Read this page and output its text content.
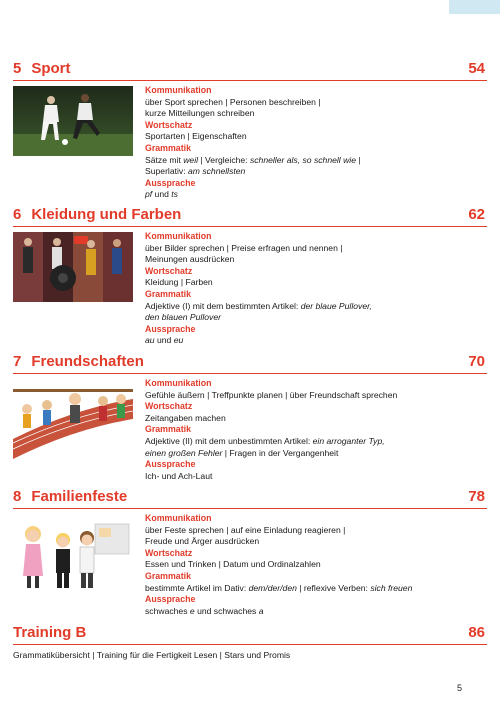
5 Sport	54
Kommunikation
über Sport sprechen | Personen beschreiben |
kurze Mitteilungen schreiben
Wortschatz
Sportarten | Eigenschaften
Grammatik
Sätze mit weil | Vergleiche: schneller als, so schnell wie |
Superlativ: am schnellsten
Aussprache
pf und ts
6 Kleidung und Farben	62
Kommunikation
über Bilder sprechen | Preise erfragen und nennen |
Meinungen ausdrücken
Wortschatz
Kleidung | Farben
Grammatik
Adjektive (I) mit dem bestimmten Artikel: der blaue Pullover,
den blauen Pullover
Aussprache
au und eu
7 Freundschaften	70
Kommunikation
Gefühle äußern | Treffpunkte planen | über Freundschaft sprechen
Wortschatz
Zeitangaben machen
Grammatik
Adjektive (II) mit dem unbestimmten Artikel: ein arroganter Typ,
einen großen Fehler | Fragen in der Vergangenheit
Aussprache
Ich- und Ach-Laut
8 Familienfeste	78
Kommunikation
über Feste sprechen | auf eine Einladung reagieren |
Freude und Ärger ausdrücken
Wortschatz
Essen und Trinken | Datum und Ordinalzahlen
Grammatik
bestimmte Artikel im Dativ: dem/der/den | reflexive Verben: sich freuen
Aussprache
schwaches e und schwaches a
Training B	86
Grammatikübersicht | Training für die Fertigkeit Lesen | Stars und Promis
5
